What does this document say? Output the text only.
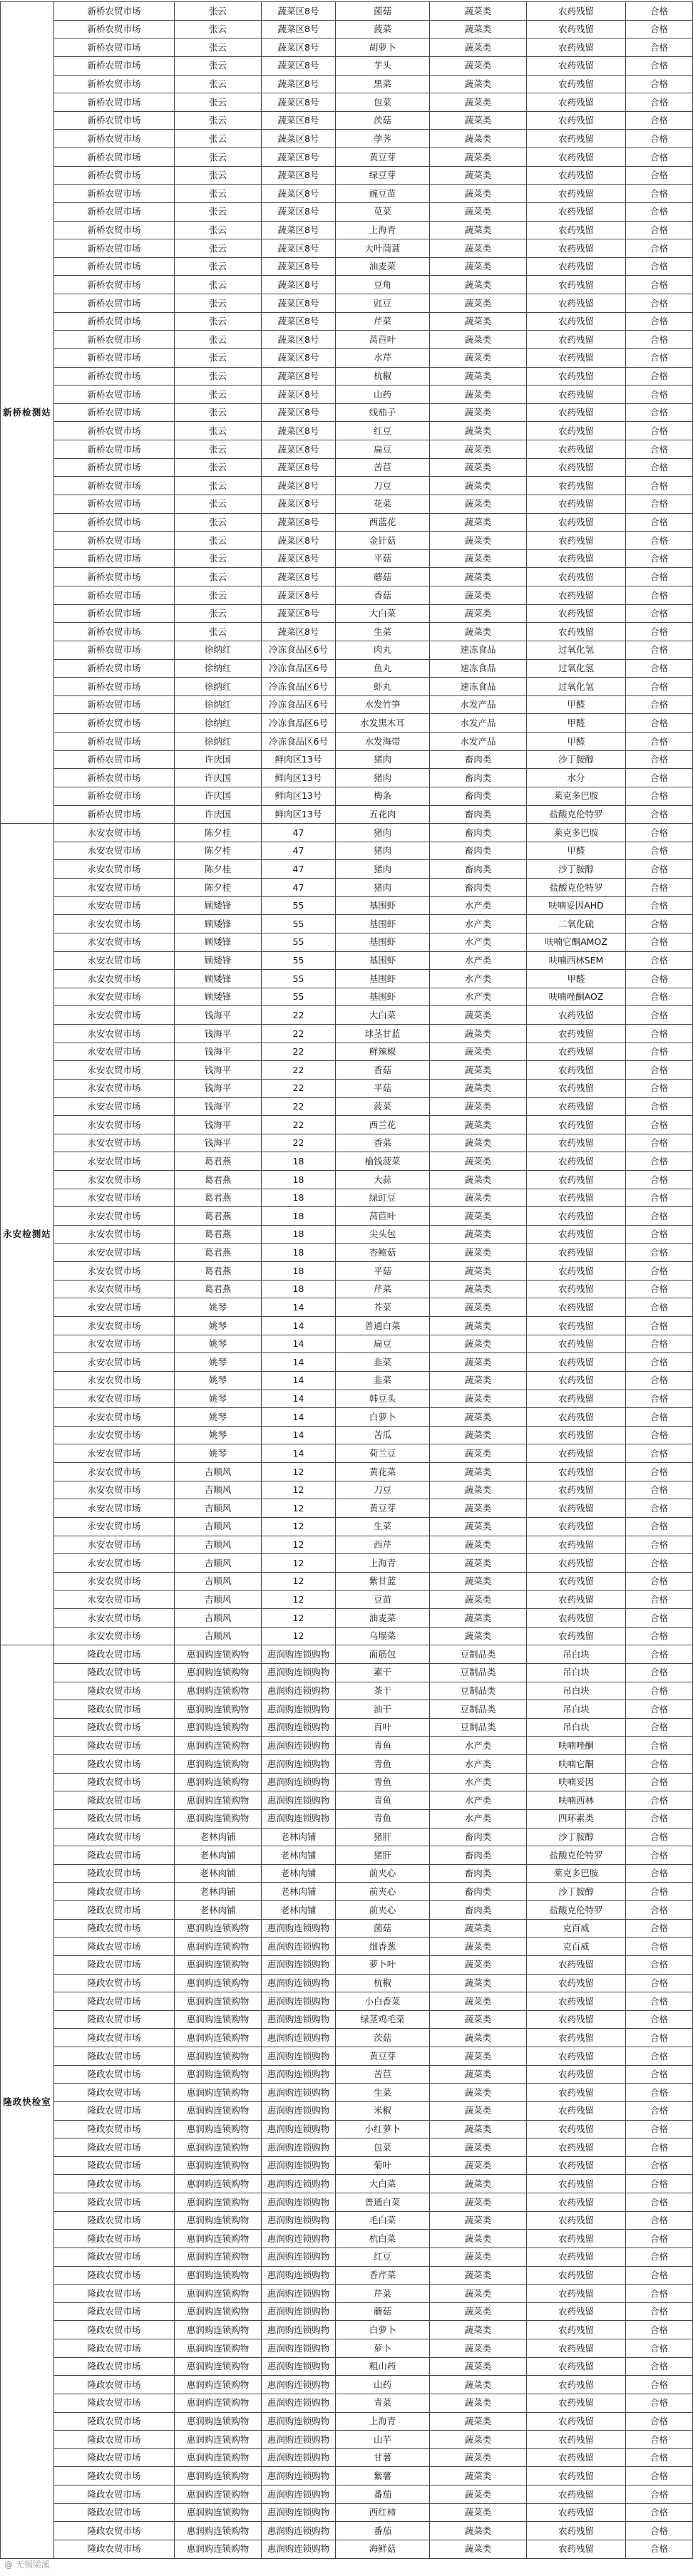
新桥检测站	新桥农贸市场	张云	蔬菜区8号	菌菇	蔬菜类	农药残留	合格
	新桥农贸市场	张云	蔬菜区8号	菠菜	蔬菜类	农药残留	合格
	新桥农贸市场	张云	蔬菜区8号	胡萝卜	蔬菜类	农药残留	合格
	新桥农贸市场	张云	蔬菜区8号	芋头	蔬菜类	农药残留	合格
	新桥农贸市场	张云	蔬菜区8号	黑菜	蔬菜类	农药残留	合格
	新桥农贸市场	张云	蔬菜区8号	包菜	蔬菜类	农药残留	合格
	新桥农贸市场	张云	蔬菜区8号	茨菇	蔬菜类	农药残留	合格
	新桥农贸市场	张云	蔬菜区8号	荸荠	蔬菜类	农药残留	合格
	新桥农贸市场	张云	蔬菜区8号	黄豆芽	蔬菜类	农药残留	合格
	新桥农贸市场	张云	蔬菜区8号	绿豆芽	蔬菜类	农药残留	合格
	新桥农贸市场	张云	蔬菜区8号	豌豆苗	蔬菜类	农药残留	合格
	新桥农贸市场	张云	蔬菜区8号	苋菜	蔬菜类	农药残留	合格
	新桥农贸市场	张云	蔬菜区8号	上海青	蔬菜类	农药残留	合格
	新桥农贸市场	张云	蔬菜区8号	大叶茼蒿	蔬菜类	农药残留	合格
	新桥农贸市场	张云	蔬菜区8号	油麦菜	蔬菜类	农药残留	合格
	新桥农贸市场	张云	蔬菜区8号	豆角	蔬菜类	农药残留	合格
	新桥农贸市场	张云	蔬菜区8号	豇豆	蔬菜类	农药残留	合格
	新桥农贸市场	张云	蔬菜区8号	芹菜	蔬菜类	农药残留	合格
	新桥农贸市场	张云	蔬菜区8号	莴苣叶	蔬菜类	农药残留	合格
	新桥农贸市场	张云	蔬菜区8号	水芹	蔬菜类	农药残留	合格
	新桥农贸市场	张云	蔬菜区8号	杭椒	蔬菜类	农药残留	合格
	新桥农贸市场	张云	蔬菜区8号	山药	蔬菜类	农药残留	合格
	新桥农贸市场	张云	蔬菜区8号	线茄子	蔬菜类	农药残留	合格
	新桥农贸市场	张云	蔬菜区8号	红豆	蔬菜类	农药残留	合格
	新桥农贸市场	张云	蔬菜区8号	扁豆	蔬菜类	农药残留	合格
	新桥农贸市场	张云	蔬菜区8号	苦苣	蔬菜类	农药残留	合格
	新桥农贸市场	张云	蔬菜区8号	刀豆	蔬菜类	农药残留	合格
	新桥农贸市场	张云	蔬菜区8号	花菜	蔬菜类	农药残留	合格
	新桥农贸市场	张云	蔬菜区8号	西蓝花	蔬菜类	农药残留	合格
	新桥农贸市场	张云	蔬菜区8号	金针菇	蔬菜类	农药残留	合格
	新桥农贸市场	张云	蔬菜区8号	平菇	蔬菜类	农药残留	合格
	新桥农贸市场	张云	蔬菜区8号	蘑菇	蔬菜类	农药残留	合格
	新桥农贸市场	张云	蔬菜区8号	香菇	蔬菜类	农药残留	合格
	新桥农贸市场	张云	蔬菜区8号	大白菜	蔬菜类	农药残留	合格
	新桥农贸市场	张云	蔬菜区8号	生菜	蔬菜类	农药残留	合格
	新桥农贸市场	徐纳红	冷冻食品区6号	肉丸	速冻食品	过氧化氢	合格
	新桥农贸市场	徐纳红	冷冻食品区6号	鱼丸	速冻食品	过氧化氢	合格
	新桥农贸市场	徐纳红	冷冻食品区6号	虾丸	速冻食品	过氧化氢	合格
	新桥农贸市场	徐纳红	冷冻食品区6号	水发竹笋	水发产品	甲醛	合格
	新桥农贸市场	徐纳红	冷冻食品区6号	水发黑木耳	水发产品	甲醛	合格
	新桥农贸市场	徐纳红	冷冻食品区6号	水发海带	水发产品	甲醛	合格
	新桥农贸市场	许庆国	鲜肉区13号	猪肉	畜肉类	沙丁胺醇	合格
	新桥农贸市场	许庆国	鲜肉区13号	猪肉	畜肉类	水分	合格
	新桥农贸市场	许庆国	鲜肉区13号	梅条	畜肉类	莱克多巴胺	合格
	新桥农贸市场	许庆国	鲜肉区13号	五花肉	畜肉类	盐酸克伦特罗	合格
永安检测站	永安农贸市场	陈夕桂	47	猪肉	畜肉类	莱克多巴胺	合格
	永安农贸市场	陈夕桂	47	猪肉	畜肉类	甲醛	合格
	永安农贸市场	陈夕桂	47	猪肉	畜肉类	沙丁胺醇	合格
	永安农贸市场	陈夕桂	47	猪肉	畜肉类	盐酸克伦特罗	合格
	永安农贸市场	顾矮锋	55	基围虾	水产类	呋喃妥因AHD	合格
	永安农贸市场	顾矮锋	55	基围虾	水产类	二氧化硫	合格
	永安农贸市场	顾矮锋	55	基围虾	水产类	呋喃它酮AMOZ	合格
	永安农贸市场	顾矮锋	55	基围虾	水产类	呋喃西林SEM	合格
	永安农贸市场	顾矮锋	55	基围虾	水产类	甲醛	合格
	永安农贸市场	顾矮锋	55	基围虾	水产类	呋喃唑酮AOZ	合格
	永安农贸市场	钱海平	22	大白菜	蔬菜类	农药残留	合格
	永安农贸市场	钱海平	22	球茎甘蓝	蔬菜类	农药残留	合格
	永安农贸市场	钱海平	22	鲜辣椒	蔬菜类	农药残留	合格
	永安农贸市场	钱海平	22	香菇	蔬菜类	农药残留	合格
	永安农贸市场	钱海平	22	平菇	蔬菜类	农药残留	合格
	永安农贸市场	钱海平	22	菠菜	蔬菜类	农药残留	合格
	永安农贸市场	钱海平	22	西兰花	蔬菜类	农药残留	合格
	永安农贸市场	钱海平	22	香菜	蔬菜类	农药残留	合格
	永安农贸市场	葛君燕	18	榆钱菠菜	蔬菜类	农药残留	合格
	永安农贸市场	葛君燕	18	大蒜	蔬菜类	农药残留	合格
	永安农贸市场	葛君燕	18	绿豇豆	蔬菜类	农药残留	合格
	永安农贸市场	葛君燕	18	莴苣叶	蔬菜类	农药残留	合格
	永安农贸市场	葛君燕	18	尖头包	蔬菜类	农药残留	合格
	永安农贸市场	葛君燕	18	杏鲍菇	蔬菜类	农药残留	合格
	永安农贸市场	葛君燕	18	平菇	蔬菜类	农药残留	合格
	永安农贸市场	葛君燕	18	芹菜	蔬菜类	农药残留	合格
	永安农贸市场	姚琴	14	芥菜	蔬菜类	农药残留	合格
	永安农贸市场	姚琴	14	普通白菜	蔬菜类	农药残留	合格
	永安农贸市场	姚琴	14	扁豆	蔬菜类	农药残留	合格
	永安农贸市场	姚琴	14	韭菜	蔬菜类	农药残留	合格
	永安农贸市场	姚琴	14	韭菜	蔬菜类	农药残留	合格
	永安农贸市场	姚琴	14	韩豆头	蔬菜类	农药残留	合格
	永安农贸市场	姚琴	14	白萝卜	蔬菜类	农药残留	合格
	永安农贸市场	姚琴	14	苦瓜	蔬菜类	农药残留	合格
	永安农贸市场	姚琴	14	荷兰豆	蔬菜类	农药残留	合格
	永安农贸市场	吉顺风	12	黄花菜	蔬菜类	农药残留	合格
	永安农贸市场	吉顺风	12	刀豆	蔬菜类	农药残留	合格
	永安农贸市场	吉顺风	12	黄豆芽	蔬菜类	农药残留	合格
	永安农贸市场	吉顺风	12	生菜	蔬菜类	农药残留	合格
	永安农贸市场	吉顺风	12	西芹	蔬菜类	农药残留	合格
	永安农贸市场	吉顺风	12	上海青	蔬菜类	农药残留	合格
	永安农贸市场	吉顺风	12	紫甘蓝	蔬菜类	农药残留	合格
	永安农贸市场	吉顺风	12	豆苗	蔬菜类	农药残留	合格
	永安农贸市场	吉顺风	12	油麦菜	蔬菜类	农药残留	合格
	永安农贸市场	吉顺风	12	乌塌菜	蔬菜类	农药残留	合格
隆政快检室	隆政农贸市场	惠润购连锁购物	惠润购连锁购物	面筋包	豆制品类	吊白块	合格
	隆政农贸市场	惠润购连锁购物	惠润购连锁购物	素干	豆制品类	吊白块	合格
	隆政农贸市场	惠润购连锁购物	惠润购连锁购物	茶干	豆制品类	吊白块	合格
	隆政农贸市场	惠润购连锁购物	惠润购连锁购物	油干	豆制品类	吊白块	合格
	隆政农贸市场	惠润购连锁购物	惠润购连锁购物	百叶	豆制品类	吊白块	合格
	隆政农贸市场	惠润购连锁购物	惠润购连锁购物	青鱼	水产类	呋喃唑酮	合格
	隆政农贸市场	惠润购连锁购物	惠润购连锁购物	青鱼	水产类	呋喃它酮	合格
	隆政农贸市场	惠润购连锁购物	惠润购连锁购物	青鱼	水产类	呋喃妥因	合格
	隆政农贸市场	惠润购连锁购物	惠润购连锁购物	青鱼	水产类	呋喃西林	合格
	隆政农贸市场	惠润购连锁购物	惠润购连锁购物	青鱼	水产类	四环素类	合格
	隆政农贸市场	老林肉铺	老林肉铺	猪肝	畜肉类	沙丁胺醇	合格
	隆政农贸市场	老林肉铺	老林肉铺	猪肝	畜肉类	盐酸克伦特罗	合格
	隆政农贸市场	老林肉铺	老林肉铺	前夹心	畜肉类	莱克多巴胺	合格
	隆政农贸市场	老林肉铺	老林肉铺	前夹心	畜肉类	沙丁胺醇	合格
	隆政农贸市场	老林肉铺	老林肉铺	前夹心	畜肉类	盐酸克伦特罗	合格
	隆政农贸市场	惠润购连锁购物	惠润购连锁购物	菌菇	蔬菜类	克百威	合格
	隆政农贸市场	惠润购连锁购物	惠润购连锁购物	细香葱	蔬菜类	克百威	合格
	隆政农贸市场	惠润购连锁购物	惠润购连锁购物	萝卜叶	蔬菜类	农药残留	合格
	隆政农贸市场	惠润购连锁购物	惠润购连锁购物	杭椒	蔬菜类	农药残留	合格
	隆政农贸市场	惠润购连锁购物	惠润购连锁购物	小白香菜	蔬菜类	农药残留	合格
	隆政农贸市场	惠润购连锁购物	惠润购连锁购物	绿茎鸡毛菜	蔬菜类	农药残留	合格
	隆政农贸市场	惠润购连锁购物	惠润购连锁购物	茨菇	蔬菜类	农药残留	合格
	隆政农贸市场	惠润购连锁购物	惠润购连锁购物	黄豆芽	蔬菜类	农药残留	合格
	隆政农贸市场	惠润购连锁购物	惠润购连锁购物	苦苣	蔬菜类	农药残留	合格
	隆政农贸市场	惠润购连锁购物	惠润购连锁购物	生菜	蔬菜类	农药残留	合格
	隆政农贸市场	惠润购连锁购物	惠润购连锁购物	米椒	蔬菜类	农药残留	合格
	隆政农贸市场	惠润购连锁购物	惠润购连锁购物	小红萝卜	蔬菜类	农药残留	合格
	隆政农贸市场	惠润购连锁购物	惠润购连锁购物	包菜	蔬菜类	农药残留	合格
	隆政农贸市场	惠润购连锁购物	惠润购连锁购物	菊叶	蔬菜类	农药残留	合格
	隆政农贸市场	惠润购连锁购物	惠润购连锁购物	大白菜	蔬菜类	农药残留	合格
	隆政农贸市场	惠润购连锁购物	惠润购连锁购物	普通白菜	蔬菜类	农药残留	合格
	隆政农贸市场	惠润购连锁购物	惠润购连锁购物	毛白菜	蔬菜类	农药残留	合格
	隆政农贸市场	惠润购连锁购物	惠润购连锁购物	杭白菜	蔬菜类	农药残留	合格
	隆政农贸市场	惠润购连锁购物	惠润购连锁购物	红豆	蔬菜类	农药残留	合格
	隆政农贸市场	惠润购连锁购物	惠润购连锁购物	香芹菜	蔬菜类	农药残留	合格
	隆政农贸市场	惠润购连锁购物	惠润购连锁购物	芹菜	蔬菜类	农药残留	合格
	隆政农贸市场	惠润购连锁购物	惠润购连锁购物	蘑菇	蔬菜类	农药残留	合格
	隆政农贸市场	惠润购连锁购物	惠润购连锁购物	白萝卜	蔬菜类	农药残留	合格
	隆政农贸市场	惠润购连锁购物	惠润购连锁购物	萝卜	蔬菜类	农药残留	合格
	隆政农贸市场	惠润购连锁购物	惠润购连锁购物	粗山药	蔬菜类	农药残留	合格
	隆政农贸市场	惠润购连锁购物	惠润购连锁购物	山药	蔬菜类	农药残留	合格
	隆政农贸市场	惠润购连锁购物	惠润购连锁购物	青菜	蔬菜类	农药残留	合格
	隆政农贸市场	惠润购连锁购物	惠润购连锁购物	上海青	蔬菜类	农药残留	合格
	隆政农贸市场	惠润购连锁购物	惠润购连锁购物	山芋	蔬菜类	农药残留	合格
	隆政农贸市场	惠润购连锁购物	惠润购连锁购物	甘薯	蔬菜类	农药残留	合格
	隆政农贸市场	惠润购连锁购物	惠润购连锁购物	紫薯	蔬菜类	农药残留	合格
	隆政农贸市场	惠润购连锁购物	惠润购连锁购物	番茄	蔬菜类	农药残留	合格
	隆政农贸市场	惠润购连锁购物	惠润购连锁购物	西红柿	蔬菜类	农药残留	合格
	隆政农贸市场	惠润购连锁购物	惠润购连锁购物	番茄	蔬菜类	农药残留	合格
	隆政农贸市场	惠润购连锁购物	惠润购连锁购物	海鲜菇	蔬菜类	农药残留	合格
@ 无锡梁溪
